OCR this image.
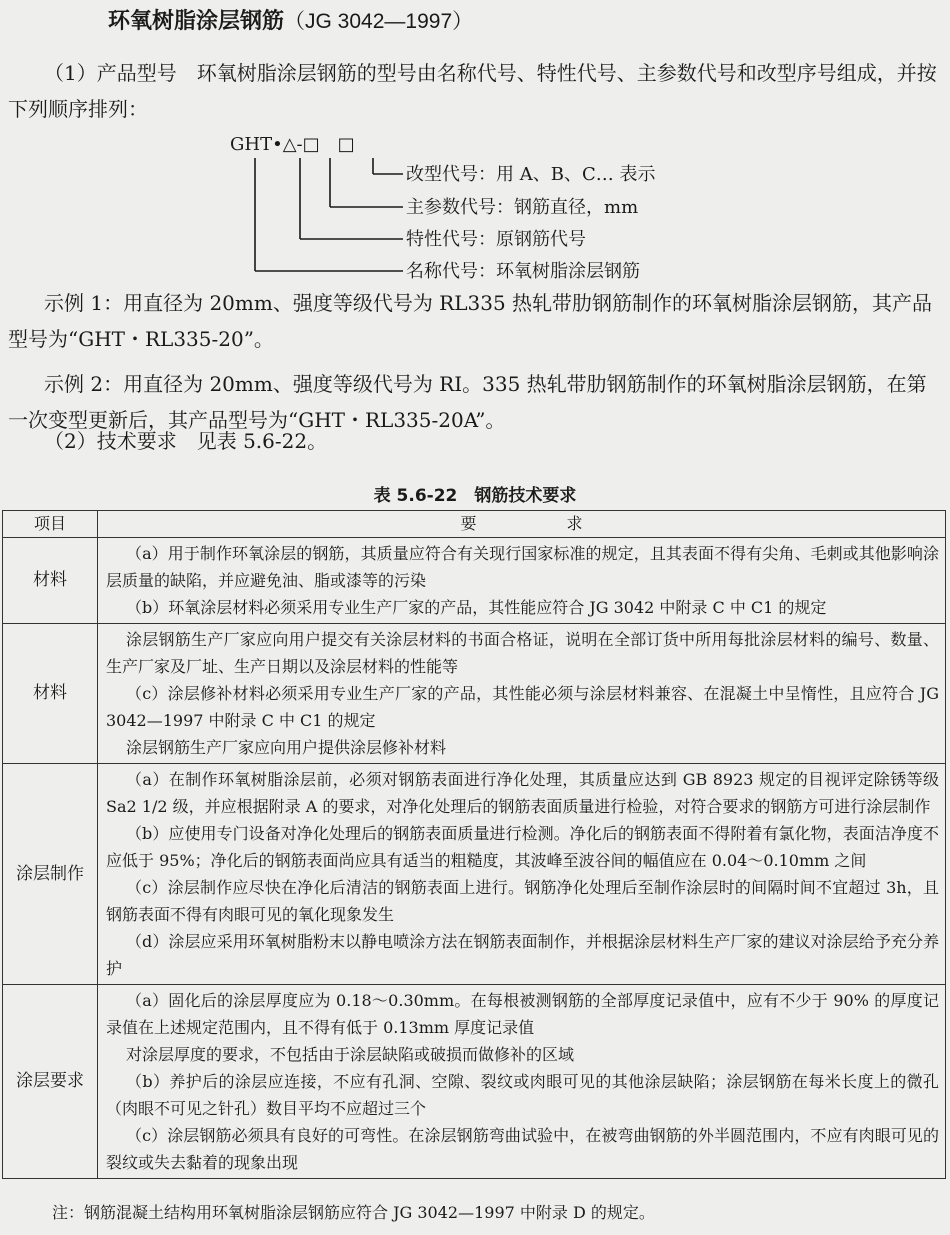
环氧树脂涂层钢筋（JG 3042—1997）

（1）产品型号　环氧树脂涂层钢筋的型号由名称代号、特性代号、主参数代号和改型序号组成，并按下列顺序排列：

GHT•△-□　□
改型代号：用 A、B、C… 表示
主参数代号：钢筋直径，mm
特性代号：原钢筋代号
名称代号：环氧树脂涂层钢筋

示例 1：用直径为 20mm、强度等级代号为 RL335 热轧带肋钢筋制作的环氧树脂涂层钢筋，其产品型号为“GHT・RL335-20”。

示例 2：用直径为 20mm、强度等级代号为 RI。335 热轧带肋钢筋制作的环氧树脂涂层钢筋，在第一次变型更新后，其产品型号为“GHT・RL335-20A”。

（2）技术要求　见表 5.6-22。

表 5.6-22　钢筋技术要求
项目	要求
材料	（a）用于制作环氧涂层的钢筋，其质量应符合有关现行国家标准的规定，且其表面不得有尖角、毛刺或其他影响涂层质量的缺陷，并应避免油、脂或漆等的污染
（b）环氧涂层材料必须采用专业生产厂家的产品，其性能应符合 JG 3042 中附录 C 中 C1 的规定

材料	涂层钢筋生产厂家应向用户提交有关涂层材料的书面合格证，说明在全部订货中所用每批涂层材料的编号、数量、生产厂家及厂址、生产日期以及涂层材料的性能等
（c）涂层修补材料必须采用专业生产厂家的产品，其性能必须与涂层材料兼容、在混凝土中呈惰性，且应符合 JG 3042—1997 中附录 C 中 C1 的规定
涂层钢筋生产厂家应向用户提供涂层修补材料

涂层制作	（a）在制作环氧树脂涂层前，必须对钢筋表面进行净化处理，其质量应达到 GB 8923 规定的目视评定除锈等级 Sa2 1/2 级，并应根据附录 A 的要求，对净化处理后的钢筋表面质量进行检验，对符合要求的钢筋方可进行涂层制作
（b）应使用专门设备对净化处理后的钢筋表面质量进行检测。净化后的钢筋表面不得附着有氯化物，表面洁净度不应低于 95%；净化后的钢筋表面尚应具有适当的粗糙度，其波峰至波谷间的幅值应在 0.04～0.10mm 之间
（c）涂层制作应尽快在净化后清洁的钢筋表面上进行。钢筋净化处理后至制作涂层时的间隔时间不宜超过 3h，且钢筋表面不得有肉眼可见的氧化现象发生
（d）涂层应采用环氧树脂粉末以静电喷涂方法在钢筋表面制作，并根据涂层材料生产厂家的建议对涂层给予充分养护

涂层要求	（a）固化后的涂层厚度应为 0.18～0.30mm。在每根被测钢筋的全部厚度记录值中，应有不少于 90% 的厚度记录值在上述规定范围内，且不得有低于 0.13mm 厚度记录值
对涂层厚度的要求，不包括由于涂层缺陷或破损而做修补的区域
（b）养护后的涂层应连接，不应有孔洞、空隙、裂纹或肉眼可见的其他涂层缺陷；涂层钢筋在每米长度上的微孔（肉眼不可见之针孔）数目平均不应超过三个
（c）涂层钢筋必须具有良好的可弯性。在涂层钢筋弯曲试验中，在被弯曲钢筋的外半圆范围内，不应有肉眼可见的裂纹或失去黏着的现象出现
注：钢筋混凝土结构用环氧树脂涂层钢筋应符合 JG 3042—1997 中附录 D 的规定。
